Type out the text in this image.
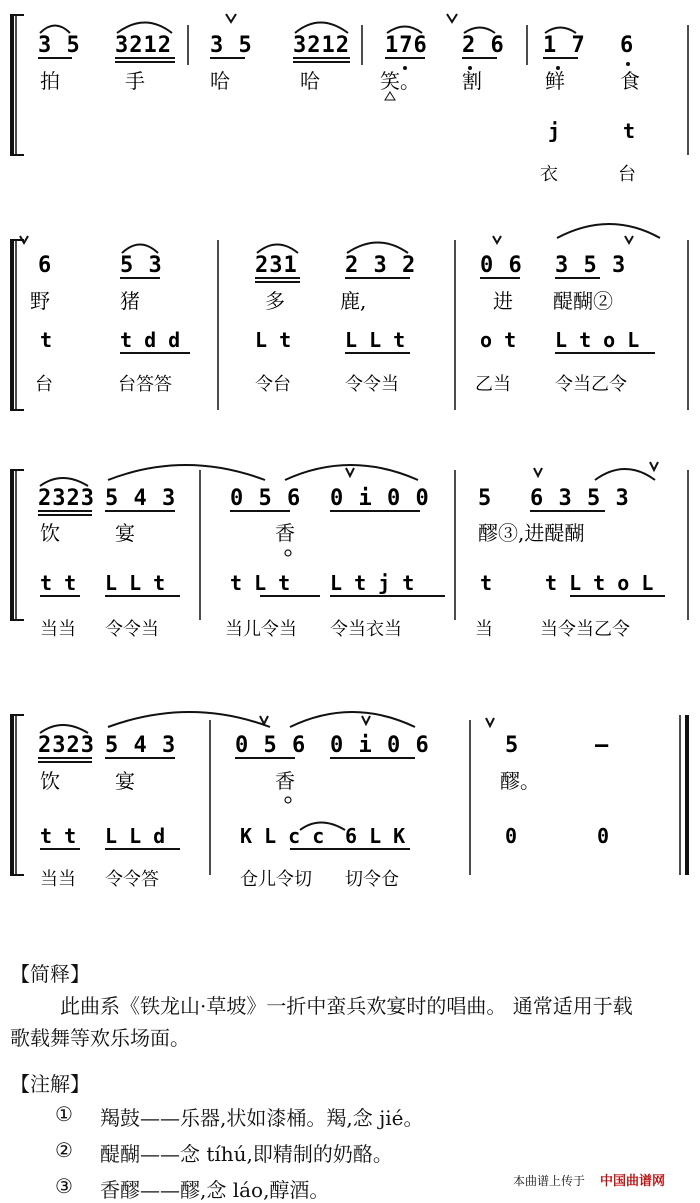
3 5 3212 3 5 3212 176 2 6 1 7 6
拍	手	哈	哈	笑。 割	鲜	食
j	t
衣	台
6	5 3	231 2 3 2	0 6 3 5 3
野	猪	多	鹿,	进 醍醐②
t	t d d	L t	L L t	o t L t o L
台	台答答	令台	令令当	乙当 令当乙令
2323 5 4 3 0 5 6 0 i 0 0 5 6 3 5 3
饮	宴	香	醪③,进醍醐
t t L L t	t L t L t j t	t	t L t o L
当当 令令当	当儿令当 令当衣当	当	当令当乙令
2323 5 4 3	0 5 6 0 i 0 6	5	–
饮	宴	香	醪。
t t L L d	K L c c 6 L K	0	0
当当 令令答	仓儿令切 切令仓
【简释】
此曲系《铁龙山·草坡》一折中蛮兵欢宴时的唱曲。 通常适用于载
歌载舞等欢乐场面。
【注解】
① 羯鼓——乐器,状如漆桶。羯,念 jié。
② 醍醐——念 tíhú,即精制的奶酪。
③ 香醪——醪,念 láo,醇酒。	本曲谱上传于 中国曲谱网
